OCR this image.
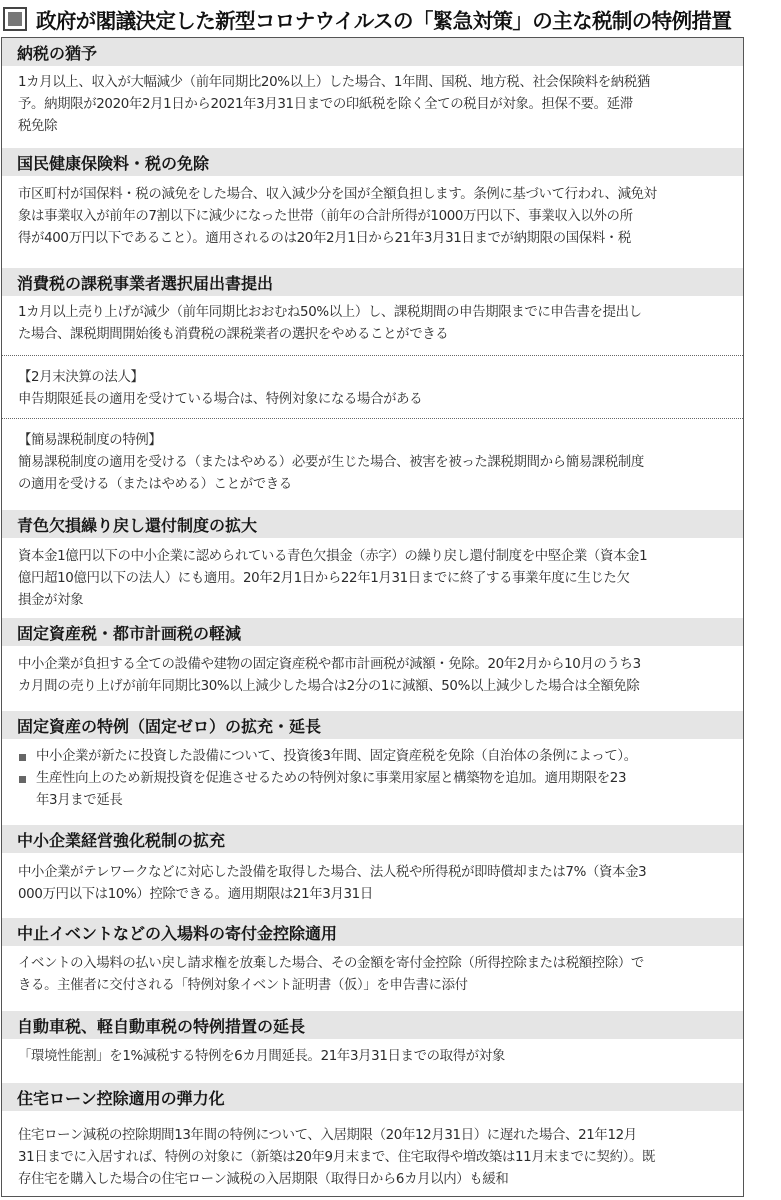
政府が閣議決定した新型コロナウイルスの「緊急対策」の主な税制の特例措置
納税の猶予

1カ月以上、収入が大幅減少（前年同期比20%以上）した場合、1年間、国税、地方税、社会保険料を納税猶

予。納期限が2020年2月1日から2021年3月31日までの印紙税を除く全ての税目が対象。担保不要。延滞

税免除

国民健康保険料・税の免除

市区町村が国保料・税の減免をした場合、収入減少分を国が全額負担します。条例に基づいて行われ、減免対

象は事業収入が前年の7割以下に減少になった世帯（前年の合計所得が1000万円以下、事業収入以外の所

得が400万円以下であること）。適用されるのは20年2月1日から21年3月31日までが納期限の国保料・税

消費税の課税事業者選択届出書提出

1カ月以上売り上げが減少（前年同期比おおむね50%以上）し、課税期間の申告期限までに申告書を提出し

た場合、課税期間開始後も消費税の課税業者の選択をやめることができる

【2月末決算の法人】

申告期限延長の適用を受けている場合は、特例対象になる場合がある

【簡易課税制度の特例】

簡易課税制度の適用を受ける（またはやめる）必要が生じた場合、被害を被った課税期間から簡易課税制度

の適用を受ける（またはやめる）ことができる

青色欠損繰り戻し還付制度の拡大

資本金1億円以下の中小企業に認められている青色欠損金（赤字）の繰り戻し還付制度を中堅企業（資本金1

億円超10億円以下の法人）にも適用。20年2月1日から22年1月31日までに終了する事業年度に生じた欠

損金が対象

固定資産税・都市計画税の軽減

中小企業が負担する全ての設備や建物の固定資産税や都市計画税が減額・免除。20年2月から10月のうち3

カ月間の売り上げが前年同期比30%以上減少した場合は2分の1に減額、50%以上減少した場合は全額免除

固定資産の特例（固定ゼロ）の拡充・延長

中小企業が新たに投資した設備について、投資後3年間、固定資産税を免除（自治体の条例によって）。

生産性向上のため新規投資を促進させるための特例対象に事業用家屋と構築物を追加。適用期限を23

年3月まで延長

中小企業経営強化税制の拡充

中小企業がテレワークなどに対応した設備を取得した場合、法人税や所得税が即時償却または7%（資本金3

000万円以下は10%）控除できる。適用期限は21年3月31日

中止イベントなどの入場料の寄付金控除適用

イベントの入場料の払い戻し請求権を放棄した場合、その金額を寄付金控除（所得控除または税額控除）で

きる。主催者に交付される「特例対象イベント証明書（仮）」を申告書に添付

自動車税、軽自動車税の特例措置の延長

「環境性能割」を1%減税する特例を6カ月間延長。21年3月31日までの取得が対象

住宅ローン控除適用の弾力化

住宅ローン減税の控除期間13年間の特例について、入居期限（20年12月31日）に遅れた場合、21年12月

31日までに入居すれば、特例の対象に（新築は20年9月末まで、住宅取得や増改築は11月末までに契約）。既

存住宅を購入した場合の住宅ローン減税の入居期限（取得日から6カ月以内）も緩和
